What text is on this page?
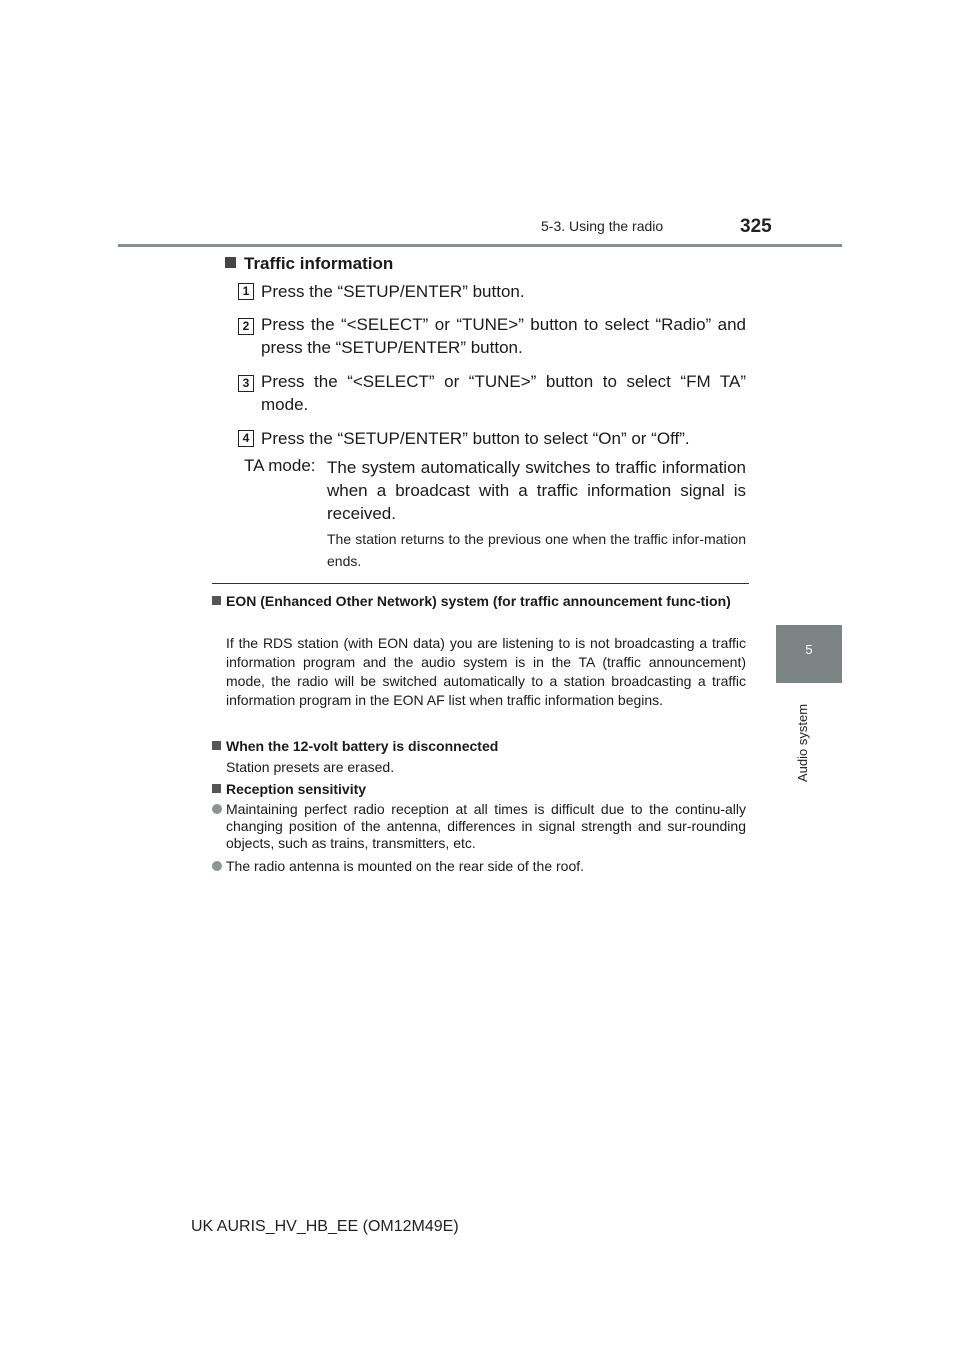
5-3. Using the radio	325
5
Audio system
Traffic information
1 Press the “SETUP/ENTER” button.
2 Press the “<SELECT” or “TUNE>” button to select “Radio” and press the “SETUP/ENTER” button.
3 Press the “<SELECT” or “TUNE>” button to select “FM TA” mode.
4 Press the “SETUP/ENTER” button to select “On” or “Off”.
TA mode: The system automatically switches to traffic information when a broadcast with a traffic information signal is received.
The station returns to the previous one when the traffic infor-mation ends.
EON (Enhanced Other Network) system (for traffic announcement func-tion)
If the RDS station (with EON data) you are listening to is not broadcasting a traffic information program and the audio system is in the TA (traffic announcement) mode, the radio will be switched automatically to a station broadcasting a traffic information program in the EON AF list when traffic information begins.
When the 12-volt battery is disconnected
Station presets are erased.
Reception sensitivity
Maintaining perfect radio reception at all times is difficult due to the continu-ally changing position of the antenna, differences in signal strength and sur-rounding objects, such as trains, transmitters, etc.
The radio antenna is mounted on the rear side of the roof.
UK AURIS_HV_HB_EE (OM12M49E)
